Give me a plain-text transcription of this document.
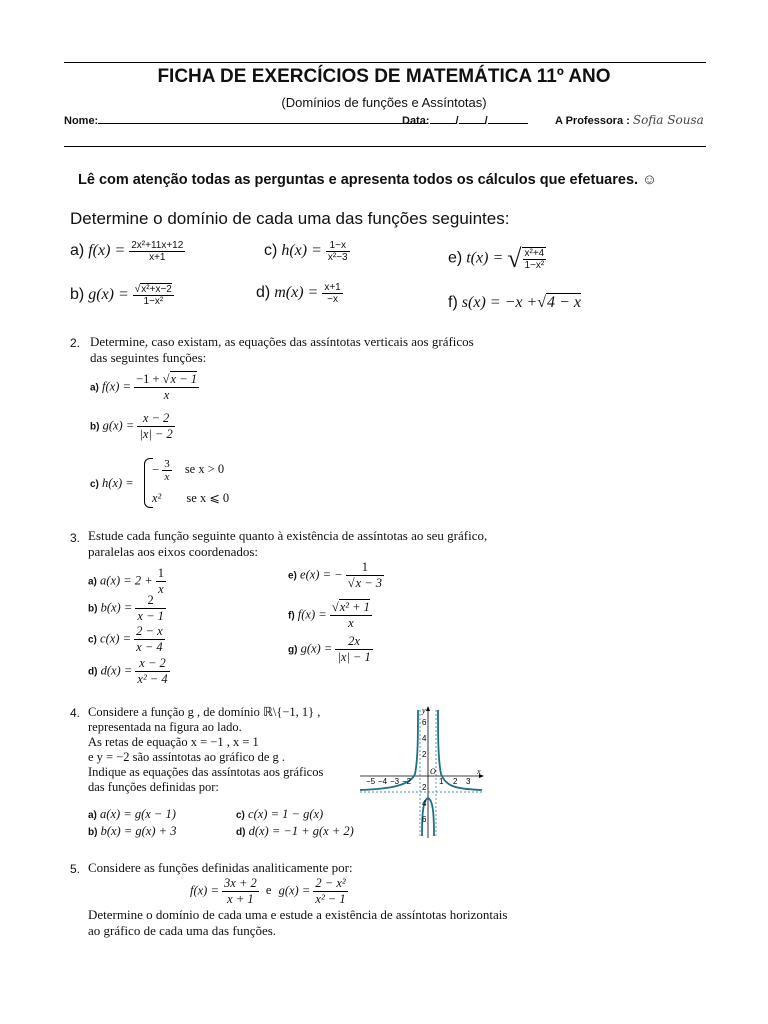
FICHA DE EXERCÍCIOS DE MATEMÁTICA 11º ANO
(Domínios de funções e Assíntotas)
Nome:	Data: / /	A Professora : Sofia Sousa
Lê com atenção todas as perguntas e apresenta todos os cálculos que efetuares. ☺
Determine o domínio de cada uma das funções seguintes:
a) $f(x) = \frac{\text{2x²+11x+12}}{x+1}$	c) $h(x) = \frac{1-x}{\text{x²−3}}$	e) t(x) = √ $\frac{\text{x²+4}}{\text{1−x²}}$
b) $g(x) = \frac{\text{√x²+x−2}}{\text{1−x²}}$	d) $m(x) = \frac{x+1}{-x}$	f) s(x) = −x +√4 − x
2. Determine, caso existam, as equações das assíntotas verticais aos gráficos
das seguintes funções:
a) $f(x) = \frac{-1 + √x - 1}{x}$
b) $g(x) = \frac{x - 2}{|x| - 2}$
c) h(x) =
− $\frac{3}{x}$ se x > 0
x² se x ⩽ 0
3. Estude cada função seguinte quanto à existência de assíntotas ao seu gráfico,
paralelas aos eixos coordenados:
a) $a(x) = 2 + \frac{1}{x}$
b) $b(x) = \frac{2}{x - 1}$
c) $c(x) = \frac{2 - x}{x - 4}$
d) $d(x) = \frac{x - 2}{\text{x² − 4}}$
e) e(x) = − $\frac{1}{√x - 3}$
f) $f(x) = \frac{\text{√x² + 1}}{x}$
g) $g(x) = \frac{2x}{|x| - 1}$
4. Considere a função g , de domínio ℝ\{−1, 1} ,
representada na figura ao lado.
As retas de equação x = −1 , x = 1
e y = −2 são assíntotas ao gráfico de g .
Indique as equações das assíntotas aos gráficos
das funções definidas por:
a) a(x) = g(x − 1)
b) b(x) = g(x) + 3
c) c(x) = 1 − g(x)
d) d(x) = −1 + g(x + 2)
y
x
O
6
4
2
2
4
6
−5 −4 −3 −2	1 2 3
5. Considere as funções definidas analiticamente por:
$f(x) = \frac{3x + 2}{x + 1}$ e $g(x) = \frac{\text{2 − x²}}{\text{x² − 1}}$
Determine o domínio de cada uma e estude a existência de assíntotas horizontais
ao gráfico de cada uma das funções.
